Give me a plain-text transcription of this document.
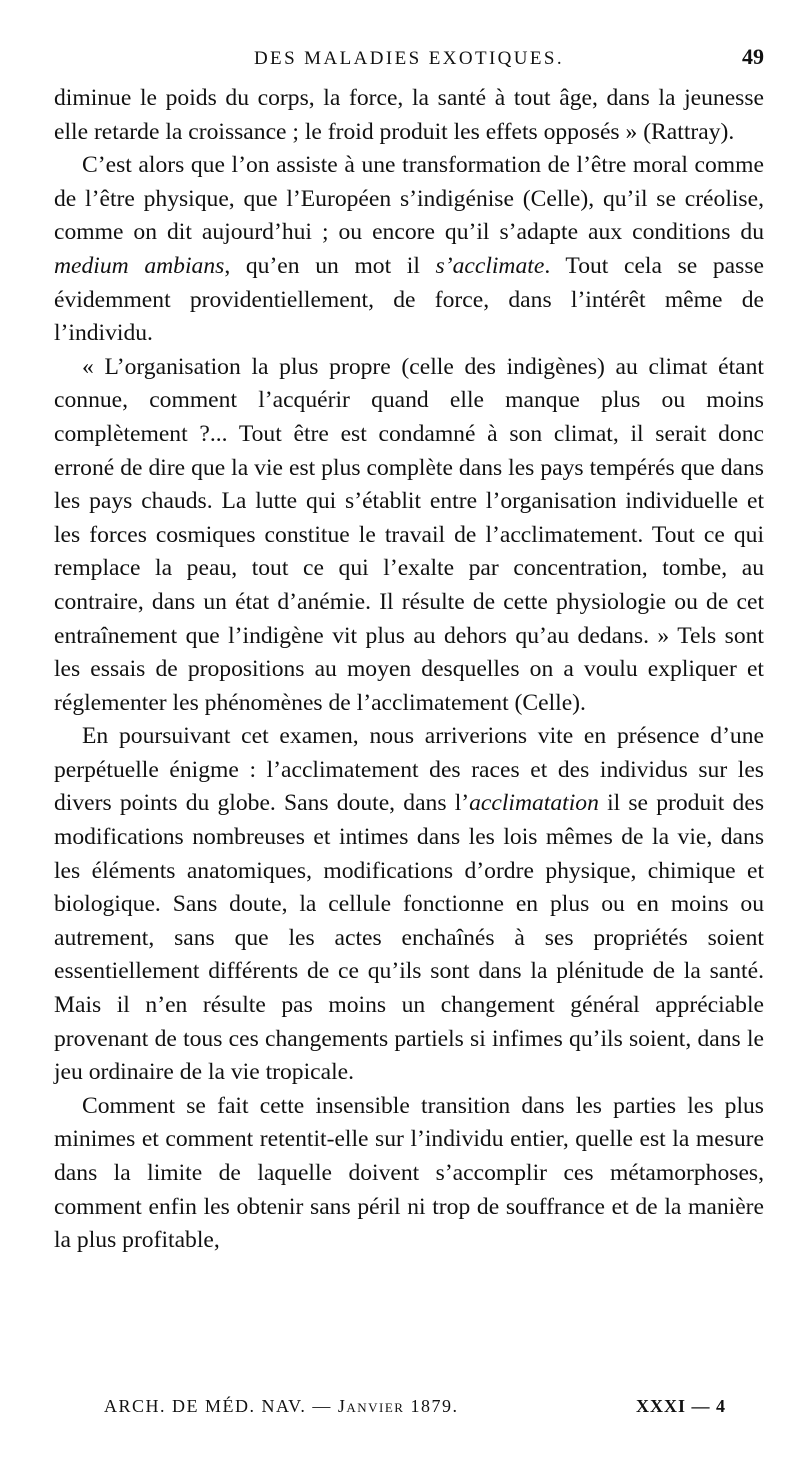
DES MALADIES EXOTIQUES.	49

diminue le poids du corps, la force, la santé à tout âge, dans la jeunesse elle retarde la croissance ; le froid produit les effets opposés » (Rattray).

C’est alors que l’on assiste à une transformation de l’être moral comme de l’être physique, que l’Européen s’indigénise (Celle), qu’il se créolise, comme on dit aujourd’hui ; ou encore qu’il s’adapte aux conditions du medium ambians, qu’en un mot il s’acclimate. Tout cela se passe évidemment providentiellement, de force, dans l’intérêt même de l’individu.

« L’organisation la plus propre (celle des indigènes) au climat étant connue, comment l’acquérir quand elle manque plus ou moins complètement ?... Tout être est condamné à son climat, il serait donc erroné de dire que la vie est plus complète dans les pays tempérés que dans les pays chauds. La lutte qui s’établit entre l’organisation individuelle et les forces cosmiques constitue le travail de l’acclimatement. Tout ce qui remplace la peau, tout ce qui l’exalte par concentration, tombe, au contraire, dans un état d’anémie. Il résulte de cette physiologie ou de cet entraînement que l’indigène vit plus au dehors qu’au dedans. » Tels sont les essais de propositions au moyen desquelles on a voulu expliquer et réglementer les phénomènes de l’acclimatement (Celle).

En poursuivant cet examen, nous arriverions vite en présence d’une perpétuelle énigme : l’acclimatement des races et des individus sur les divers points du globe. Sans doute, dans l’acclimatation il se produit des modifications nombreuses et intimes dans les lois mêmes de la vie, dans les éléments anatomiques, modifications d’ordre physique, chimique et biologique. Sans doute, la cellule fonctionne en plus ou en moins ou autrement, sans que les actes enchaînés à ses propriétés soient essentiellement différents de ce qu’ils sont dans la plénitude de la santé. Mais il n’en résulte pas moins un changement général appréciable provenant de tous ces changements partiels si infimes qu’ils soient, dans le jeu ordinaire de la vie tropicale.

Comment se fait cette insensible transition dans les parties les plus minimes et comment retentit-elle sur l’individu entier, quelle est la mesure dans la limite de laquelle doivent s’accomplir ces métamorphoses, comment enfin les obtenir sans péril ni trop de souffrance et de la manière la plus profitable,

ARCH. DE MÉD. NAV. — Janvier 1879.	XXXI — 4
